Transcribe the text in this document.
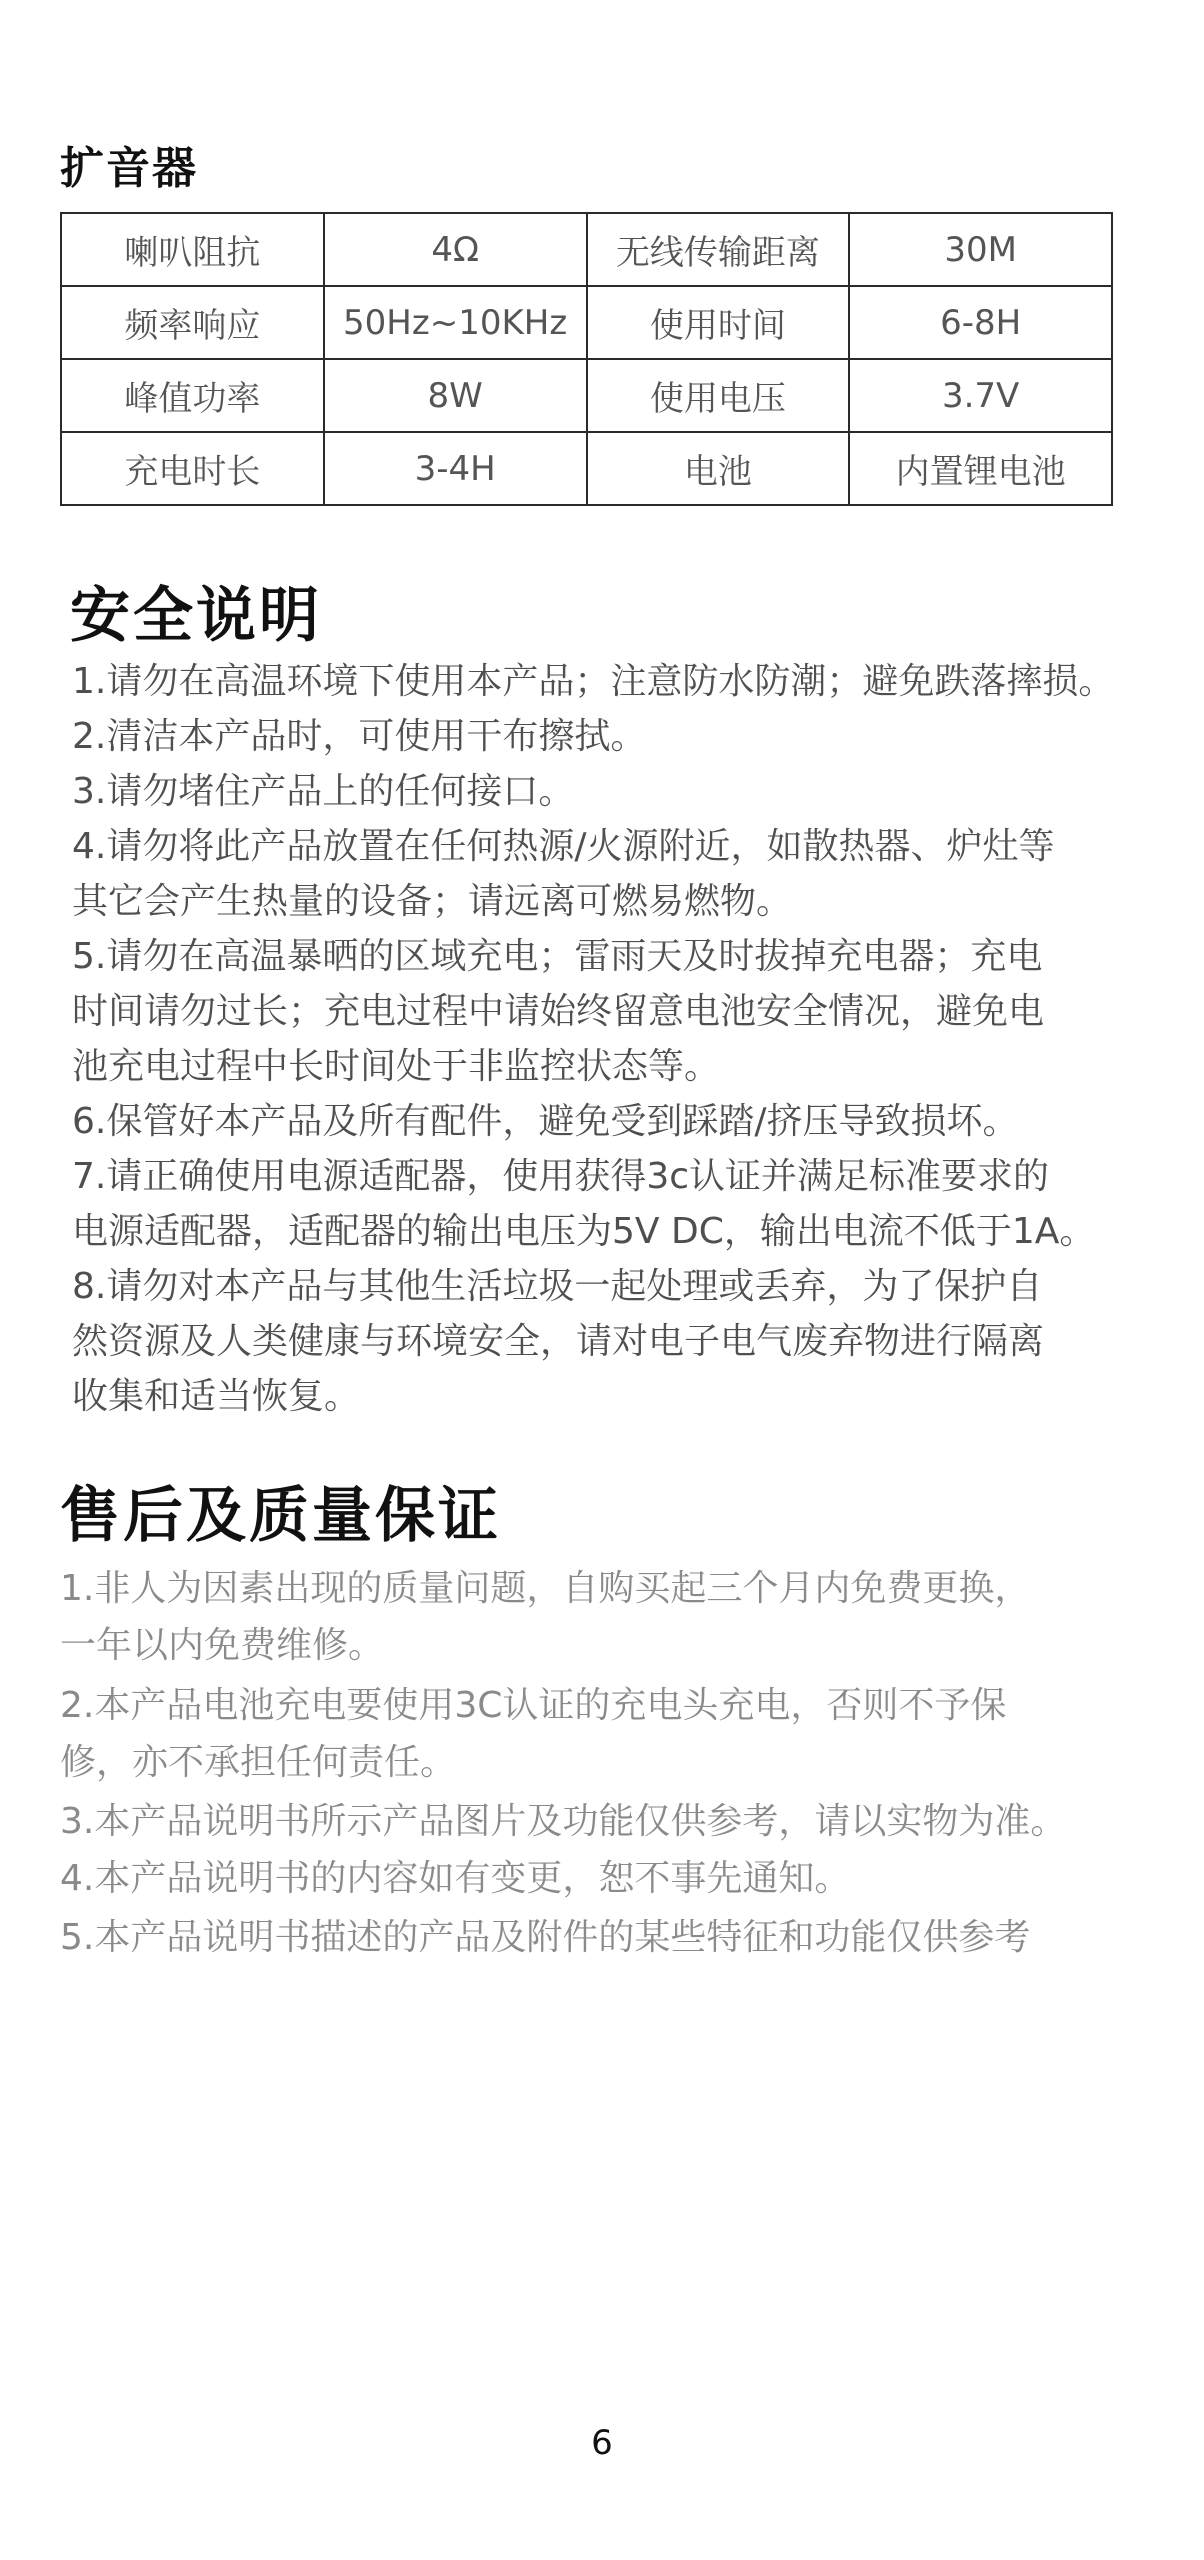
扩音器
喇叭阻抗	4Ω	无线传输距离	30M
频率响应	50Hz~10KHz	使用时间	6-8H
峰值功率	8W	使用电压	3.7V
充电时长	3-4H	电池	内置锂电池
安全说明
1.请勿在高温环境下使用本产品；注意防水防潮；避免跌落摔损。
2.清洁本产品时，可使用干布擦拭。
3.请勿堵住产品上的任何接口。
4.请勿将此产品放置在任何热源/火源附近，如散热器、炉灶等
其它会产生热量的设备；请远离可燃易燃物。
5.请勿在高温暴晒的区域充电；雷雨天及时拔掉充电器；充电
时间请勿过长；充电过程中请始终留意电池安全情况，避免电
池充电过程中长时间处于非监控状态等。
6.保管好本产品及所有配件，避免受到踩踏/挤压导致损坏。
7.请正确使用电源适配器，使用获得3c认证并满足标准要求的
电源适配器，适配器的输出电压为5V DC，输出电流不低于1A。
8.请勿对本产品与其他生活垃圾一起处理或丢弃，为了保护自
然资源及人类健康与环境安全，请对电子电气废弃物进行隔离
收集和适当恢复。
售后及质量保证
1.非人为因素出现的质量问题，自购买起三个月内免费更换，
一年以内免费维修。
2.本产品电池充电要使用3C认证的充电头充电，否则不予保
修，亦不承担任何责任。
3.本产品说明书所示产品图片及功能仅供参考，请以实物为准。
4.本产品说明书的内容如有变更，恕不事先通知。
5.本产品说明书描述的产品及附件的某些特征和功能仅供参考
6
